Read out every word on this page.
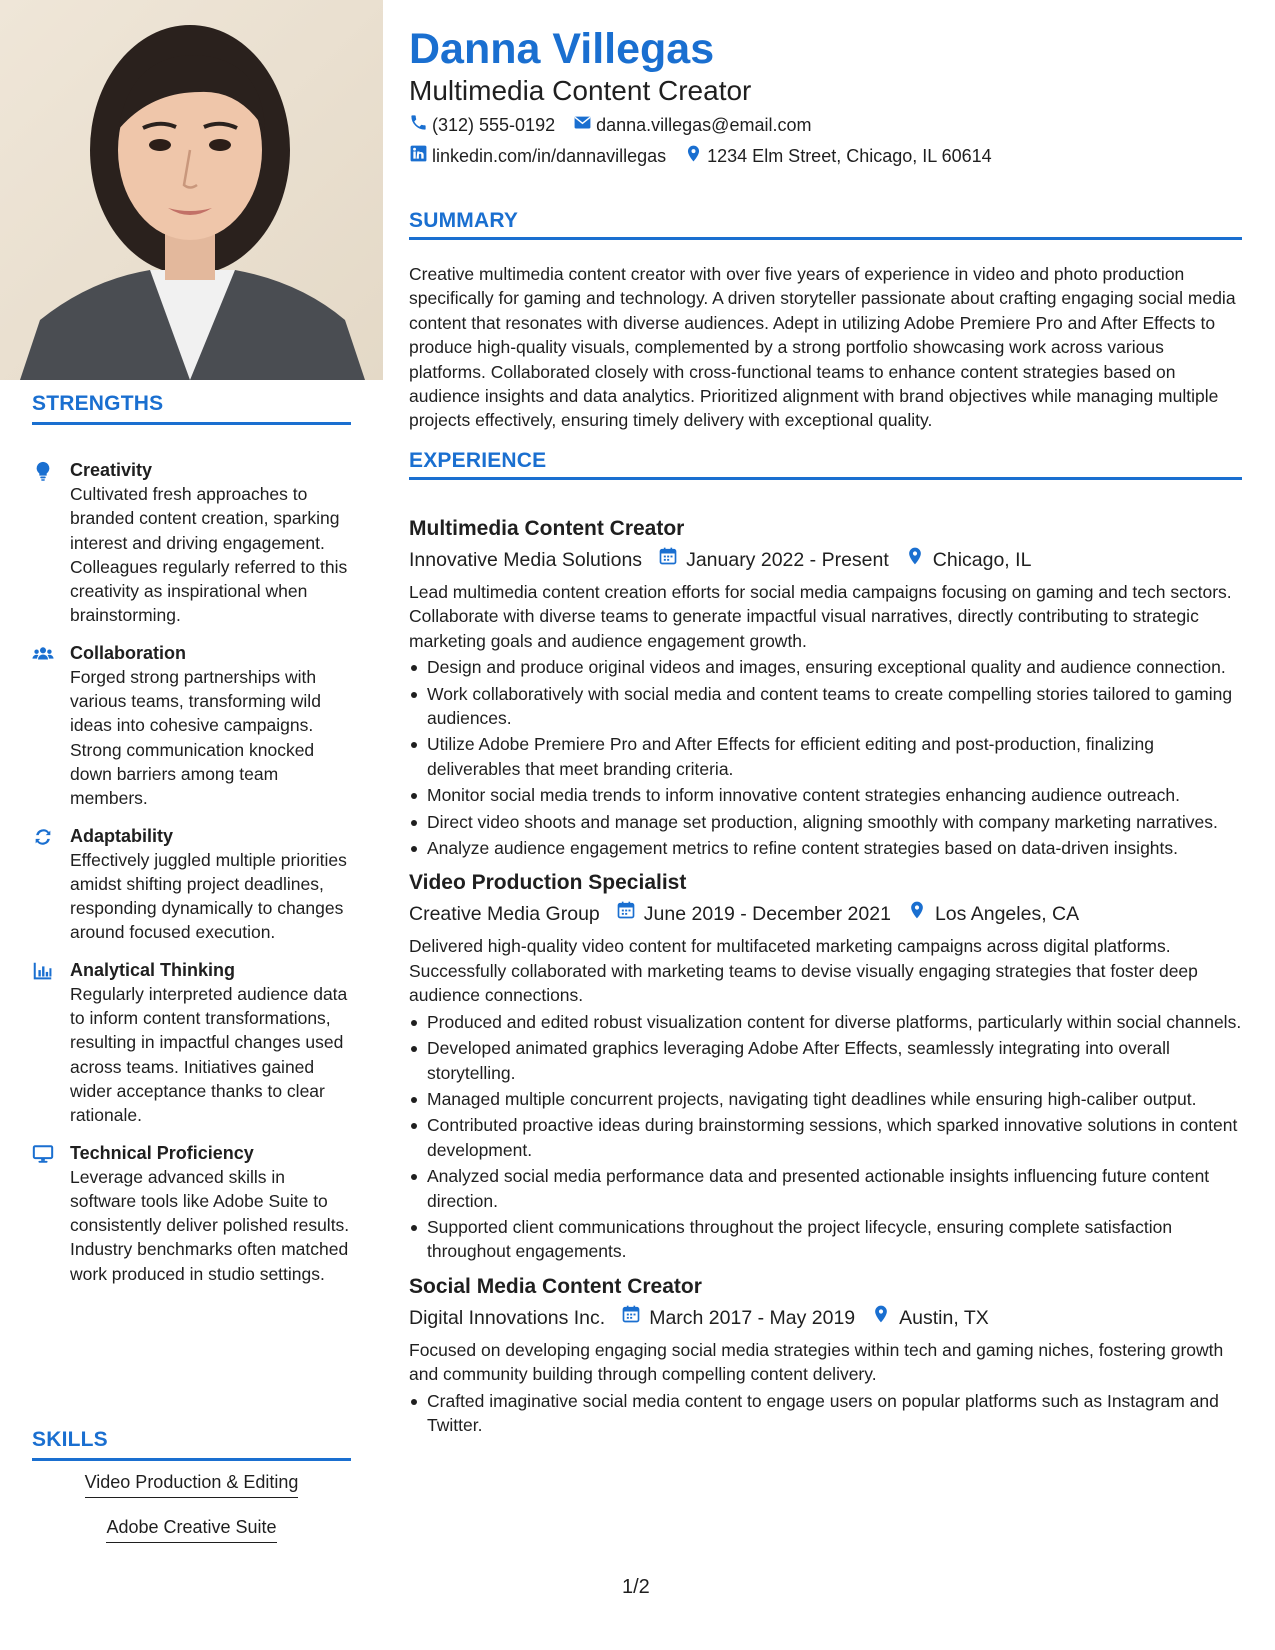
STRENGTHS
Creativity
Cultivated fresh approaches to branded content creation, sparking interest and driving engagement. Colleagues regularly referred to this creativity as inspirational when brainstorming.
Collaboration
Forged strong partnerships with various teams, transforming wild ideas into cohesive campaigns. Strong communication knocked down barriers among team members.
Adaptability
Effectively juggled multiple priorities amidst shifting project deadlines, responding dynamically to changes around focused execution.
Analytical Thinking
Regularly interpreted audience data to inform content transformations, resulting in impactful changes used across teams. Initiatives gained wider acceptance thanks to clear rationale.
Technical Proficiency
Leverage advanced skills in software tools like Adobe Suite to consistently deliver polished results. Industry benchmarks often matched work produced in studio settings.
SKILLS
Video Production & Editing
Adobe Creative Suite
Danna Villegas
Multimedia Content Creator
(312) 555-0192 danna.villegas@email.com
linkedin.com/in/dannavillegas 1234 Elm Street, Chicago, IL 60614
SUMMARY
Creative multimedia content creator with over five years of experience in video and photo production specifically for gaming and technology. A driven storyteller passionate about crafting engaging social media content that resonates with diverse audiences. Adept in utilizing Adobe Premiere Pro and After Effects to produce high-quality visuals, complemented by a strong portfolio showcasing work across various platforms. Collaborated closely with cross-functional teams to enhance content strategies based on audience insights and data analytics. Prioritized alignment with brand objectives while managing multiple projects effectively, ensuring timely delivery with exceptional quality.
EXPERIENCE
Multimedia Content Creator
Innovative Media Solutions January 2022 - Present Chicago, IL
Lead multimedia content creation efforts for social media campaigns focusing on gaming and tech sectors. Collaborate with diverse teams to generate impactful visual narratives, directly contributing to strategic marketing goals and audience engagement growth.
Design and produce original videos and images, ensuring exceptional quality and audience connection.
Work collaboratively with social media and content teams to create compelling stories tailored to gaming audiences.
Utilize Adobe Premiere Pro and After Effects for efficient editing and post-production, finalizing deliverables that meet branding criteria.
Monitor social media trends to inform innovative content strategies enhancing audience outreach.
Direct video shoots and manage set production, aligning smoothly with company marketing narratives.
Analyze audience engagement metrics to refine content strategies based on data-driven insights.
Video Production Specialist
Creative Media Group June 2019 - December 2021 Los Angeles, CA
Delivered high-quality video content for multifaceted marketing campaigns across digital platforms. Successfully collaborated with marketing teams to devise visually engaging strategies that foster deep audience connections.
Produced and edited robust visualization content for diverse platforms, particularly within social channels.
Developed animated graphics leveraging Adobe After Effects, seamlessly integrating into overall storytelling.
Managed multiple concurrent projects, navigating tight deadlines while ensuring high-caliber output.
Contributed proactive ideas during brainstorming sessions, which sparked innovative solutions in content development.
Analyzed social media performance data and presented actionable insights influencing future content direction.
Supported client communications throughout the project lifecycle, ensuring complete satisfaction throughout engagements.
Social Media Content Creator
Digital Innovations Inc. March 2017 - May 2019 Austin, TX
Focused on developing engaging social media strategies within tech and gaming niches, fostering growth and community building through compelling content delivery.
Crafted imaginative social media content to engage users on popular platforms such as Instagram and Twitter.
1/2
